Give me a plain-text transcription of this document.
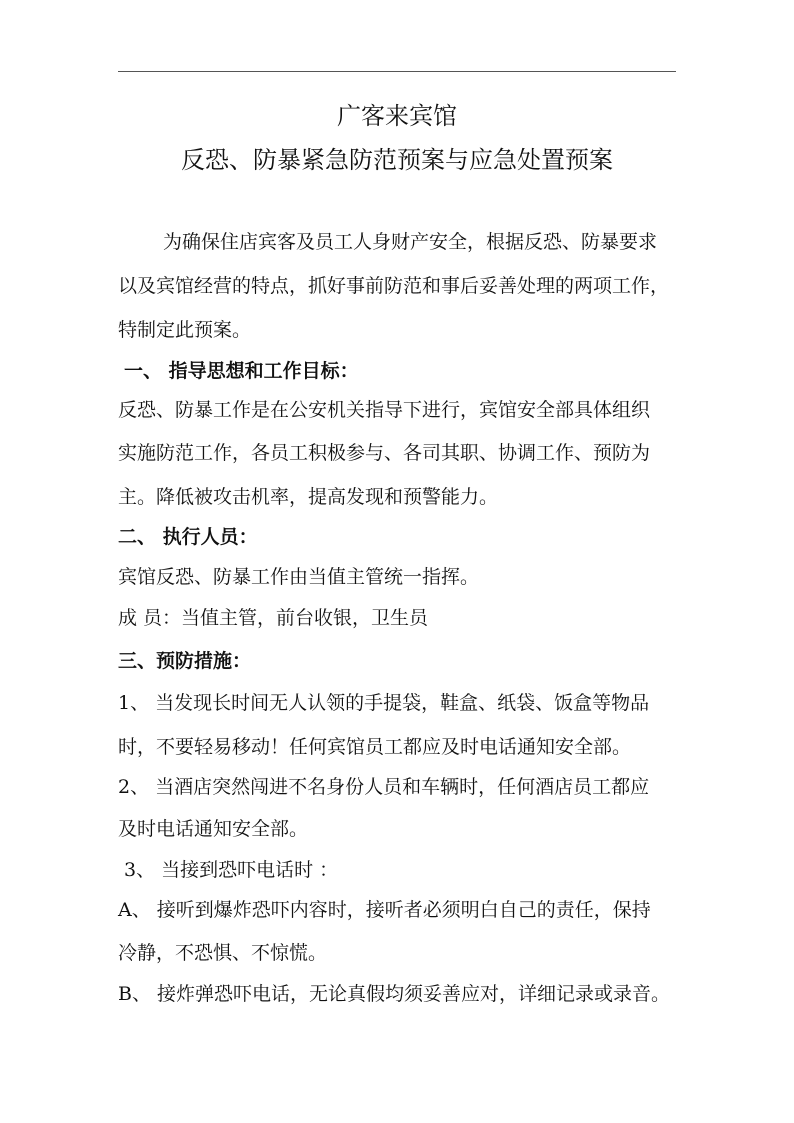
广客来宾馆
反恐、防暴紧急防范预案与应急处置预案
为确保住店宾客及员工人身财产安全，根据反恐、防暴要求
以及宾馆经营的特点，抓好事前防范和事后妥善处理的两项工作，
特制定此预案。
一、 指导思想和工作目标：
反恐、防暴工作是在公安机关指导下进行，宾馆安全部具体组织
实施防范工作，各员工积极参与、各司其职、协调工作、预防为
主。降低被攻击机率，提高发现和预警能力。
二、 执行人员：
宾馆反恐、防暴工作由当值主管统一指挥。
成 员：当值主管，前台收银，卫生员
三、预防措施：
1、 当发现长时间无人认领的手提袋，鞋盒、纸袋、饭盒等物品
时，不要轻易移动！任何宾馆员工都应及时电话通知安全部。
2、 当酒店突然闯进不名身份人员和车辆时，任何酒店员工都应
及时电话通知安全部。
3、 当接到恐吓电话时 ：
A、 接听到爆炸恐吓内容时，接听者必须明白自己的责任，保持
冷静，不恐惧、不惊慌。
B、 接炸弹恐吓电话，无论真假均须妥善应对，详细记录或录音。
